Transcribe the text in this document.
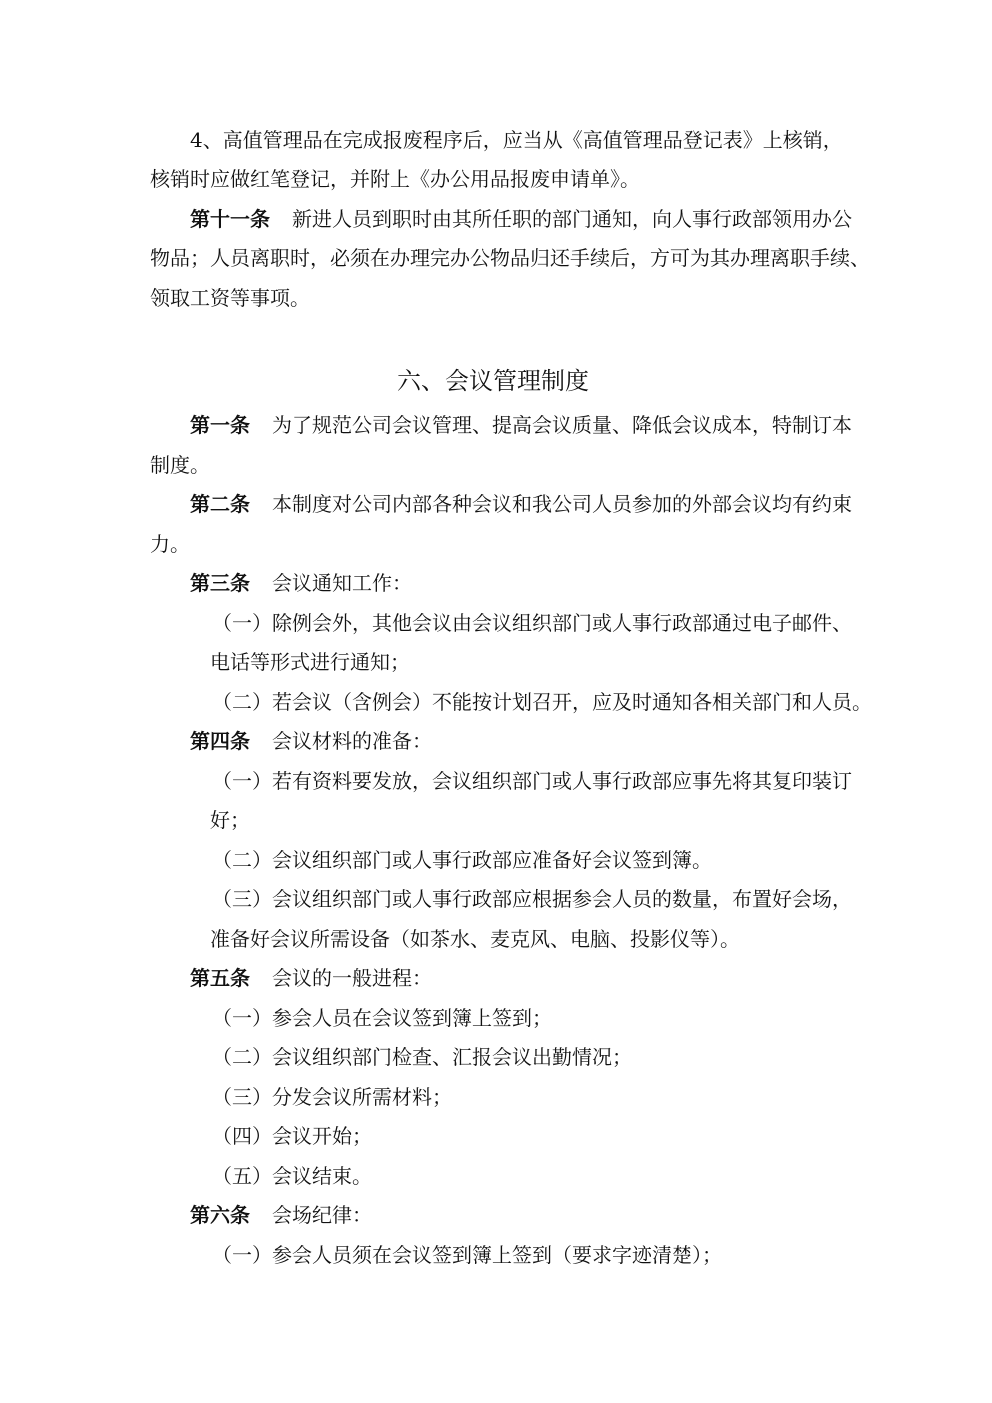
4、高值管理品在完成报废程序后，应当从《高值管理品登记表》上核销，
核销时应做红笔登记，并附上《办公用品报废申请单》。
第十一条 新进人员到职时由其所任职的部门通知，向人事行政部领用办公
物品；人员离职时，必须在办理完办公物品归还手续后，方可为其办理离职手续、
领取工资等事项。
六、会议管理制度
第一条 为了规范公司会议管理、提高会议质量、降低会议成本，特制订本
制度。
第二条 本制度对公司内部各种会议和我公司人员参加的外部会议均有约束
力。
第三条 会议通知工作：
（一）除例会外，其他会议由会议组织部门或人事行政部通过电子邮件、
电话等形式进行通知；
（二）若会议（含例会）不能按计划召开，应及时通知各相关部门和人员。
第四条 会议材料的准备：
（一）若有资料要发放，会议组织部门或人事行政部应事先将其复印装订
好；
（二）会议组织部门或人事行政部应准备好会议签到簿。
（三）会议组织部门或人事行政部应根据参会人员的数量，布置好会场，
准备好会议所需设备（如茶水、麦克风、电脑、投影仪等）。
第五条 会议的一般进程：
（一）参会人员在会议签到簿上签到；
（二）会议组织部门检查、汇报会议出勤情况；
（三）分发会议所需材料；
（四）会议开始；
（五）会议结束。
第六条 会场纪律：
（一）参会人员须在会议签到簿上签到（要求字迹清楚）；
